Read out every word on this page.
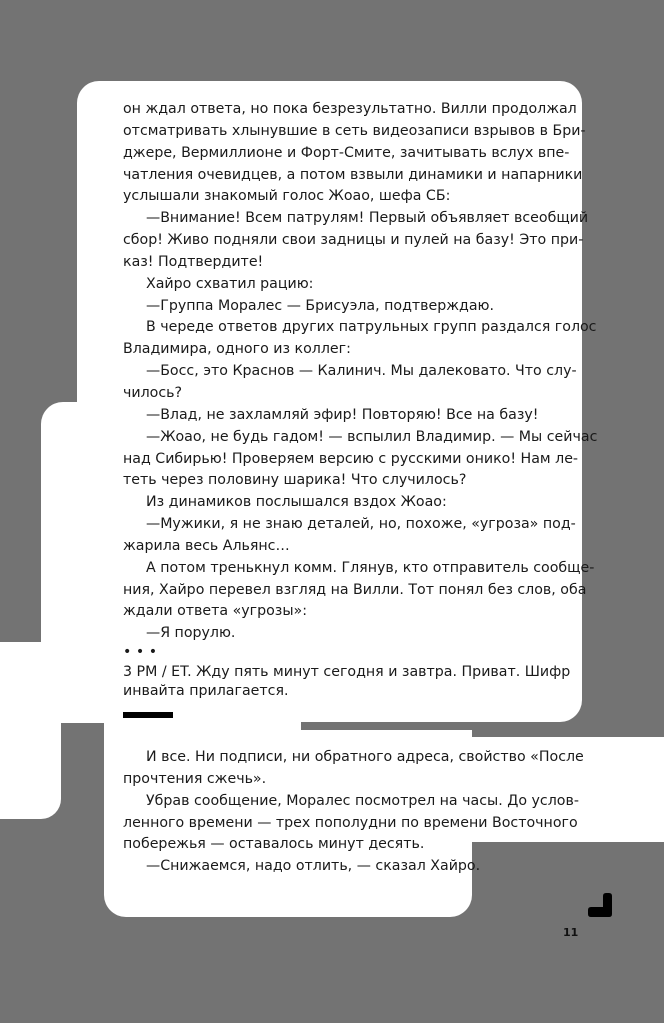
он ждал ответа, но пока безрезультатно. Вилли продолжал
отсматривать хлынувшие в сеть видеозаписи взрывов в Бри-
джере, Вермиллионе и Форт-Смите, зачитывать вслух впе-
чатления очевидцев, а потом взвыли динамики и напарники
услышали знакомый голос Жоао, шефа СБ:
—Внимание! Всем патрулям! Первый объявляет всеобщий
сбор! Живо подняли свои задницы и пулей на базу! Это при-
каз! Подтвердите!
Хайро схватил рацию:
—Группа Моралес — Брисуэла, подтверждаю.
В череде ответов других патрульных групп раздался голос
Владимира, одного из коллег:
—Босс, это Краснов — Калинич. Мы далековато. Что слу-
чилось?
—Влад, не захламляй эфир! Повторяю! Все на базу!
—Жоао, не будь гадом! — вспылил Владимир. — Мы сейчас
над Сибирью! Проверяем версию с русскими онико! Нам ле-
теть через половину шарика! Что случилось?
Из динамиков послышался вздох Жоао:
—Мужики, я не знаю деталей, но, похоже, «угроза» под-
жарила весь Альянс…
А потом тренькнул комм. Глянув, кто отправитель сообще-
ния, Хайро перевел взгляд на Вилли. Тот понял без слов, оба
ждали ответа «угрозы»:
—Я порулю.
• • •
3 PM / ET. Жду пять минут сегодня и завтра. Приват. Шифр
инвайта прилагается.
И все. Ни подписи, ни обратного адреса, свойство «После
прочтения сжечь».
Убрав сообщение, Моралес посмотрел на часы. До услов-
ленного времени — трех пополудни по времени Восточного
побережья — оставалось минут десять.
—Снижаемся, надо отлить, — сказал Хайро.
11
